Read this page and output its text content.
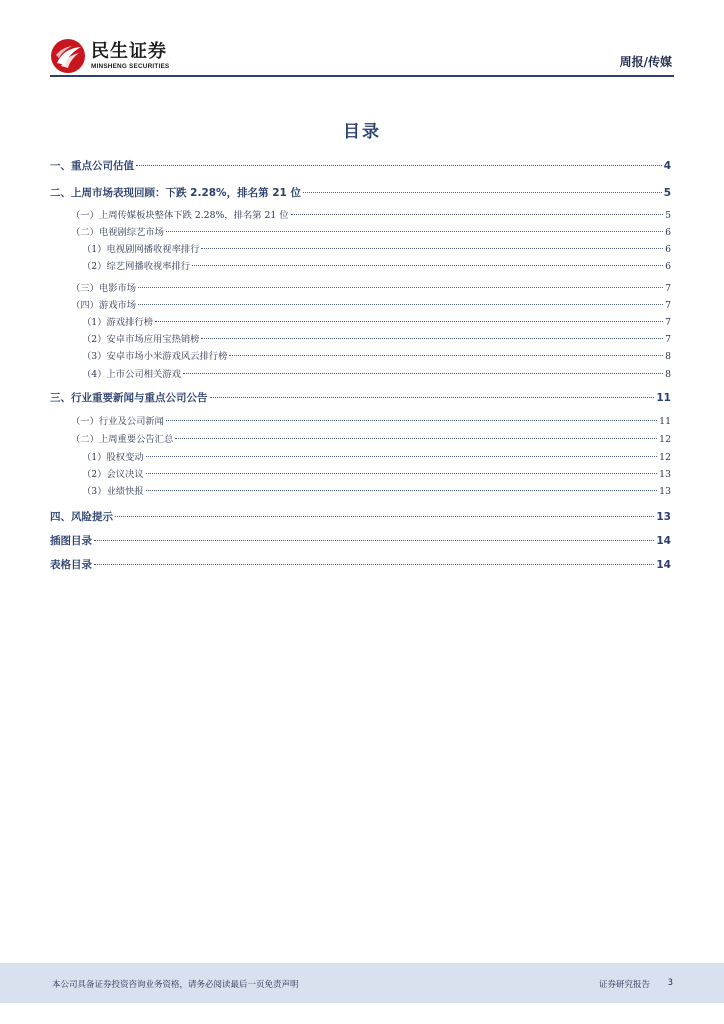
民生证券
MINSHENG SECURITIES	周报/传媒
目录
一、重点公司估值	4
二、上周市场表现回顾：下跌 2.28%，排名第 21 位	5
（一）上周传媒板块整体下跌 2.28%，排名第 21 位	5
（二）电视剧综艺市场	6
（1）电视剧网播收视率排行	6
（2）综艺网播收视率排行	6
（三）电影市场	7
（四）游戏市场	7
（1）游戏排行榜	7
（2）安卓市场应用宝热销榜	7
（3）安卓市场小米游戏风云排行榜	8
（4）上市公司相关游戏	8
三、行业重要新闻与重点公司公告	11
（一）行业及公司新闻	11
（二）上周重要公告汇总	12
（1）股权变动	12
（2）会议决议	13
（3）业绩快报	13
四、风险提示	13
插图目录	14
表格目录	14
本公司具备证券投资咨询业务资格，请务必阅读最后一页免责声明	证券研究报告 3
